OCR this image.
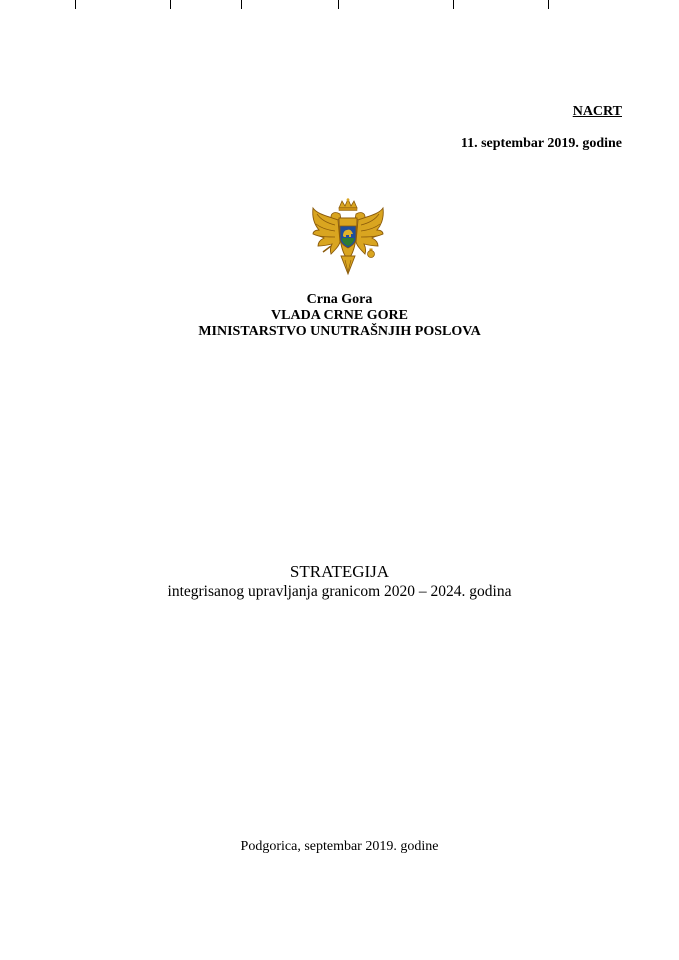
NACRT
11. septembar 2019. godine
Crna Gora
VLADA CRNE GORE
MINISTARSTVO UNUTRAŠNJIH POSLOVA
STRATEGIJA
integrisanog upravljanja granicom 2020 – 2024. godina
Podgorica, septembar 2019. godine
